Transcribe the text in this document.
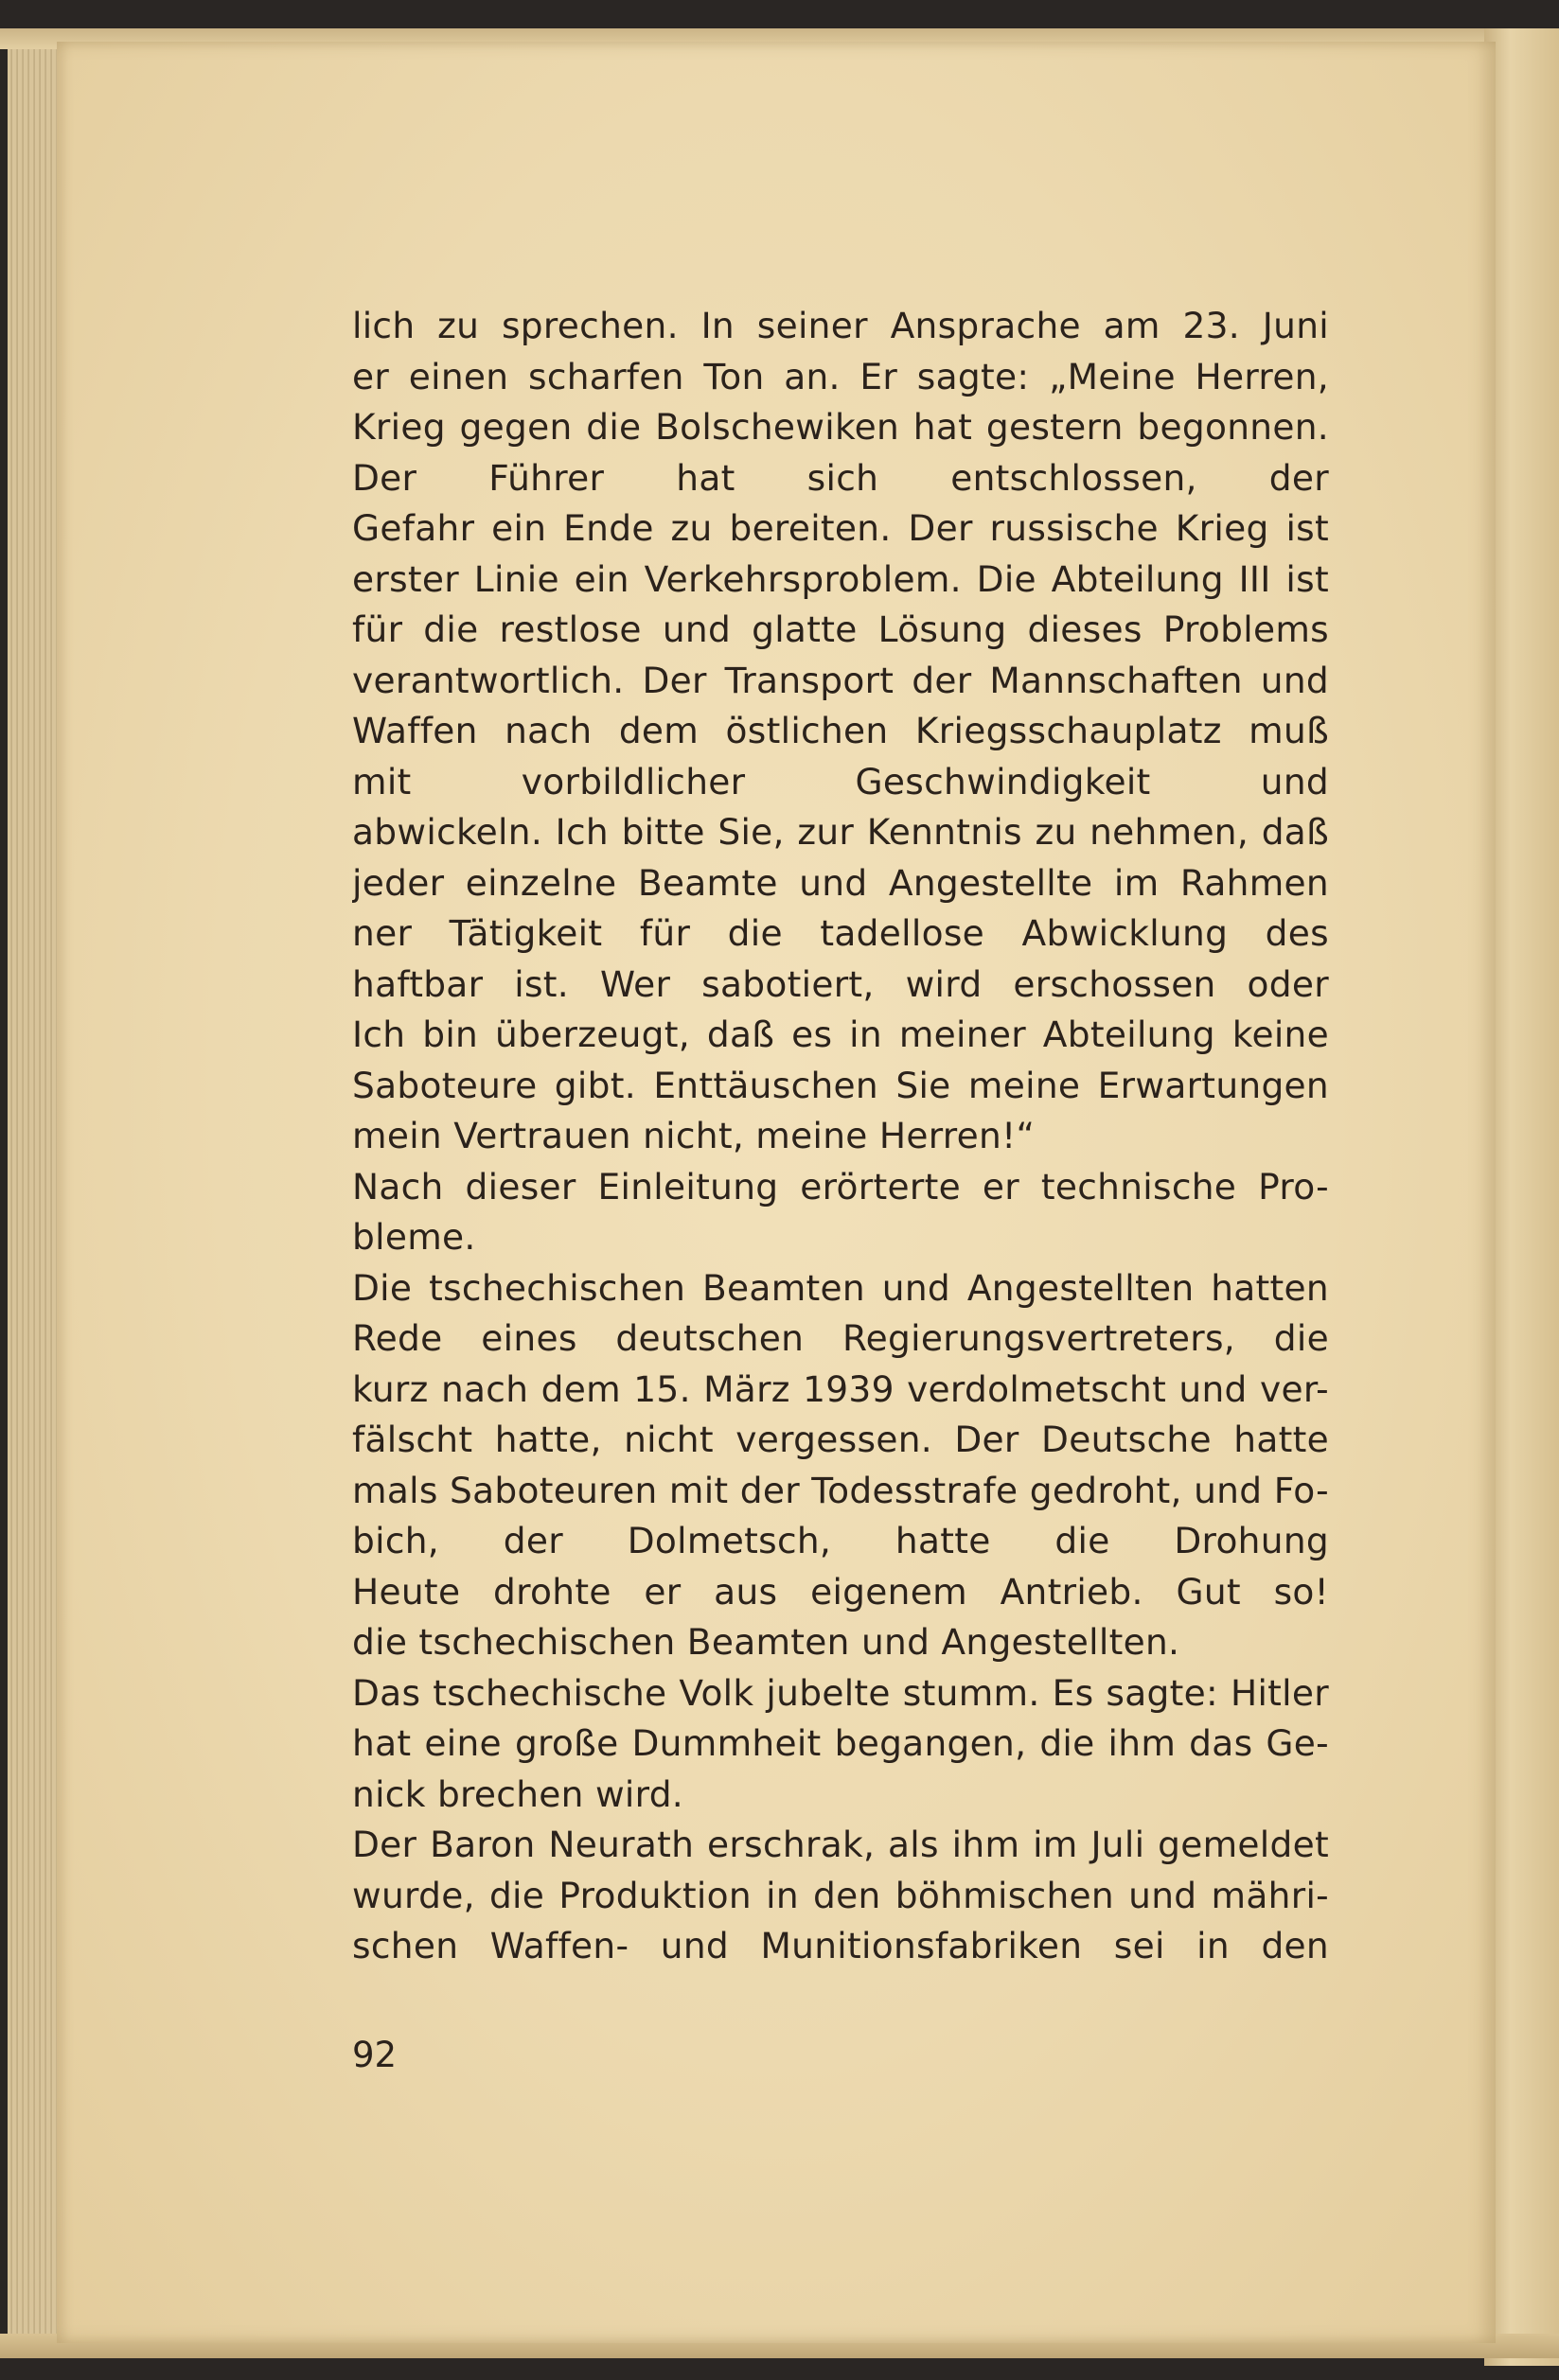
lich zu sprechen. In seiner Ansprache am 23. Juni
er einen scharfen Ton an. Er sagte: „Meine Herren,
Krieg gegen die Bolschewiken hat gestern begonnen.
Der Führer hat sich entschlossen, der
Gefahr ein Ende zu bereiten. Der russische Krieg ist
erster Linie ein Verkehrsproblem. Die Abteilung III ist
für die restlose und glatte Lösung dieses Problems
verantwortlich. Der Transport der Mannschaften und
Waffen nach dem östlichen Kriegsschauplatz muß
mit vorbildlicher Geschwindigkeit und
abwickeln. Ich bitte Sie, zur Kenntnis zu nehmen, daß
jeder einzelne Beamte und Angestellte im Rahmen
ner Tätigkeit für die tadellose Abwicklung des
haftbar ist. Wer sabotiert, wird erschossen oder
Ich bin überzeugt, daß es in meiner Abteilung keine
Saboteure gibt. Enttäuschen Sie meine Erwartungen
mein Vertrauen nicht, meine Herren!“
Nach dieser Einleitung erörterte er technische Pro-
bleme.
Die tschechischen Beamten und Angestellten hatten
Rede eines deutschen Regierungsvertreters, die
kurz nach dem 15. März 1939 verdolmetscht und ver-
fälscht hatte, nicht vergessen. Der Deutsche hatte
mals Saboteuren mit der Todesstrafe gedroht, und Fo-
bich, der Dolmetsch, hatte die Drohung
Heute drohte er aus eigenem Antrieb. Gut so!
die tschechischen Beamten und Angestellten.
Das tschechische Volk jubelte stumm. Es sagte: Hitler
hat eine große Dummheit begangen, die ihm das Ge-
nick brechen wird.
Der Baron Neurath erschrak, als ihm im Juli gemeldet
wurde, die Produktion in den böhmischen und mähri-
schen Waffen- und Munitionsfabriken sei in den
92
